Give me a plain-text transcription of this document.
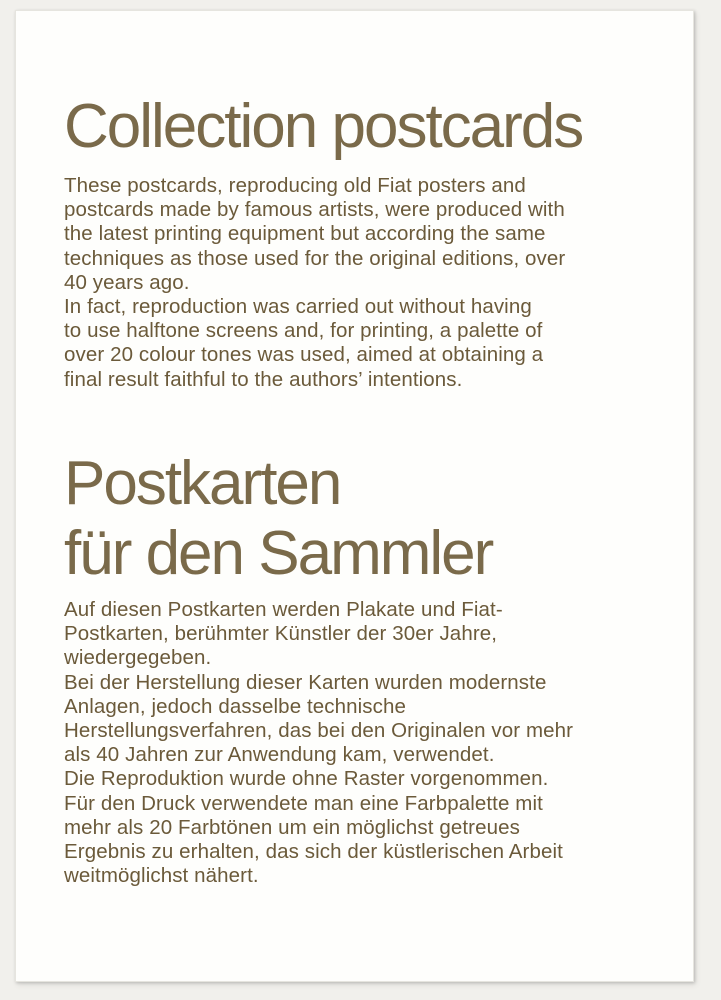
Collection postcards

These postcards, reproducing old Fiat posters and
postcards made by famous artists, were produced with
the latest printing equipment but according the same
techniques as those used for the original editions, over
40 years ago.

In fact, reproduction was carried out without having
to use halftone screens and, for printing, a palette of
over 20 colour tones was used, aimed at obtaining a
final result faithful to the authors’ intentions.

Postkarten
für den Sammler

Auf diesen Postkarten werden Plakate und Fiat-
Postkarten, berühmter Künstler der 30er Jahre,
wiedergegeben.

Bei der Herstellung dieser Karten wurden modernste
Anlagen, jedoch dasselbe technische
Herstellungsverfahren, das bei den Originalen vor mehr
als 40 Jahren zur Anwendung kam, verwendet.

Die Reproduktion wurde ohne Raster vorgenommen.
Für den Druck verwendete man eine Farbpalette mit
mehr als 20 Farbtönen um ein möglichst getreues
Ergebnis zu erhalten, das sich der küstlerischen Arbeit
weitmöglichst nähert.
